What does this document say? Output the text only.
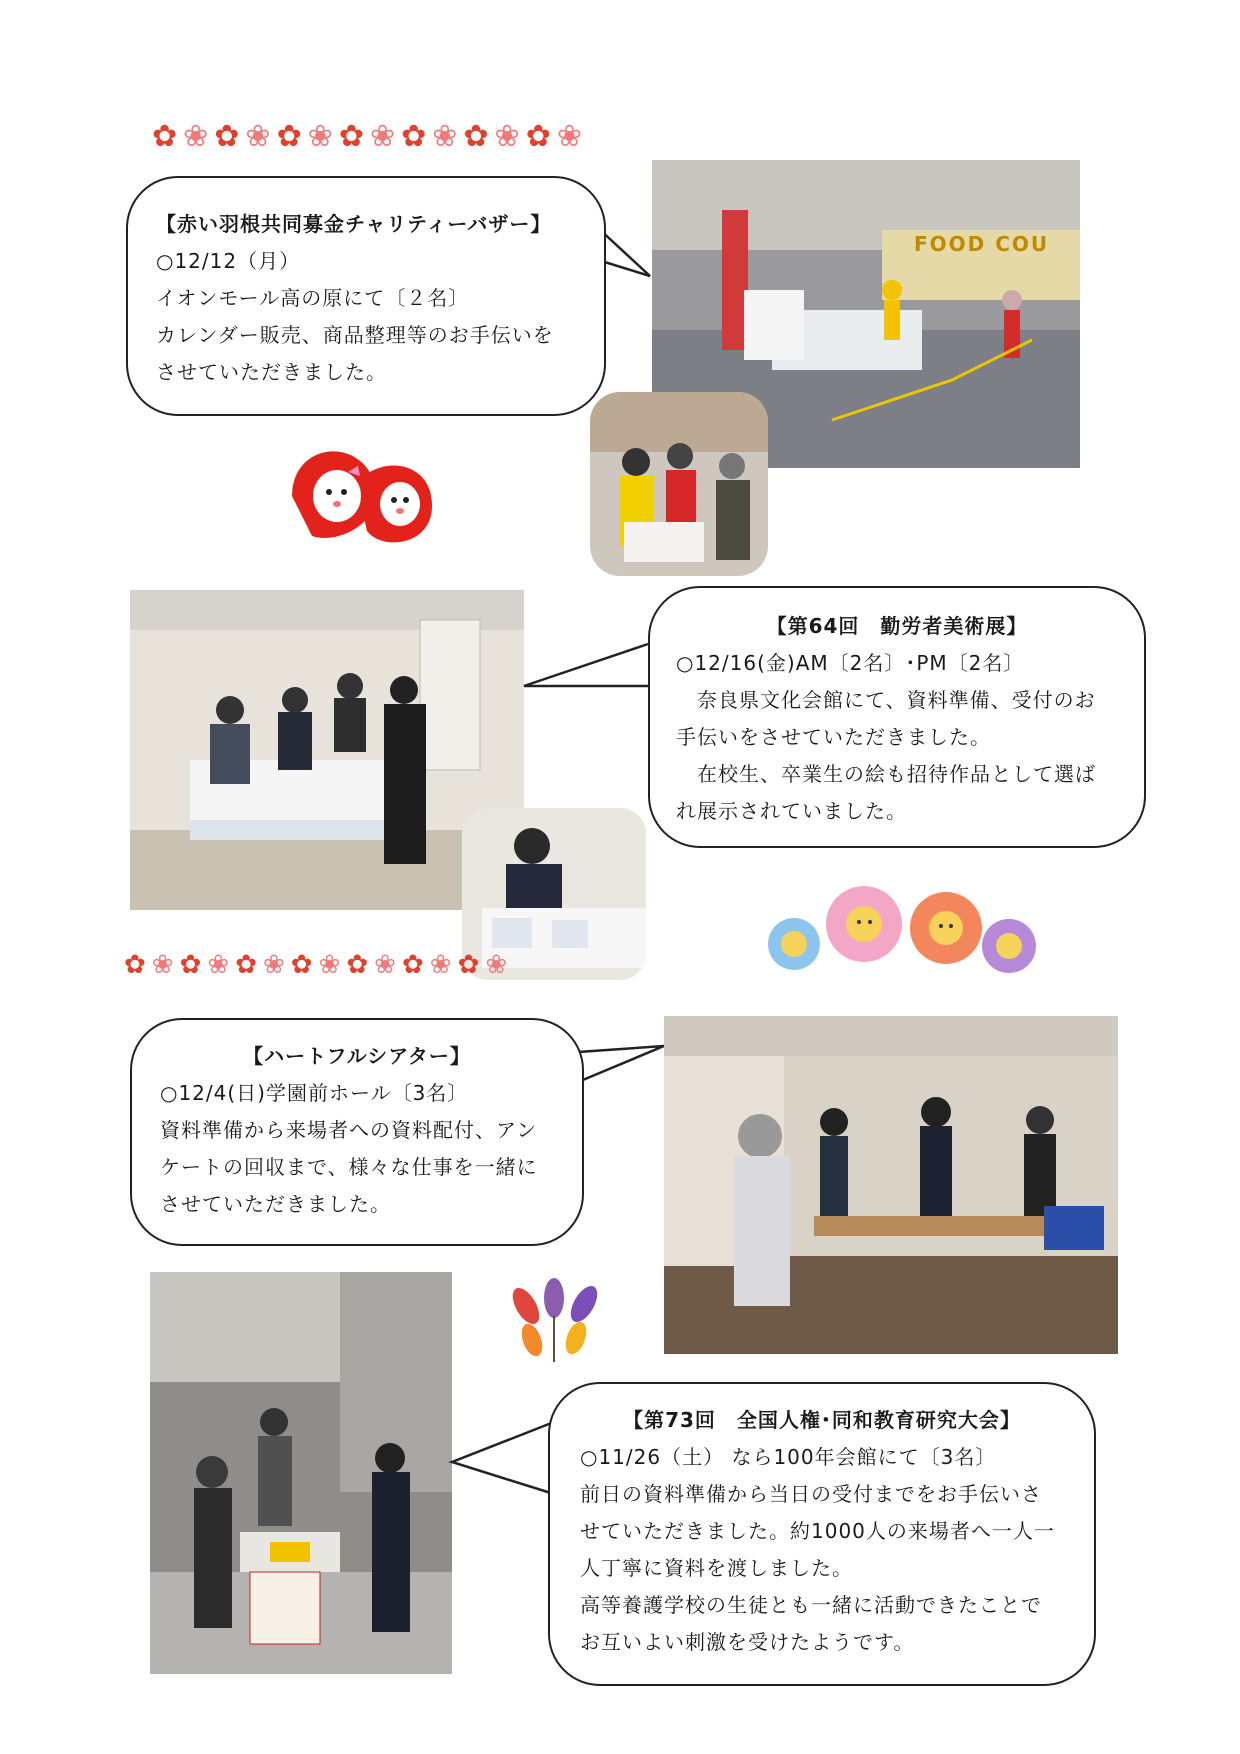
✿ ❀ ✿ ❀ ✿ ❀ ✿ ❀ ✿ ❀ ✿ ❀ ✿ ❀
【赤い羽根共同募金チャリティーバザー】
○12/12（月）
イオンモール高の原にて〔２名〕
カレンダー販売、商品整理等のお手伝いを
させていただきました。
FOOD COU
【第64回　勤労者美術展】
○12/16(金)AM〔2名〕･PM〔2名〕
　奈良県文化会館にて、資料準備、受付のお
手伝いをさせていただきました。
　在校生、卒業生の絵も招待作品として選ば
れ展示されていました。
✿ ❀ ✿ ❀ ✿ ❀ ✿ ❀ ✿ ❀ ✿ ❀ ✿ ❀
【ハートフルシアター】
○12/4(日)学園前ホール〔3名〕
資料準備から来場者への資料配付、アン
ケートの回収まで、様々な仕事を一緒に
させていただきました。
【第73回　全国人権･同和教育研究大会】
○11/26（土） なら100年会館にて〔3名〕
前日の資料準備から当日の受付までをお手伝いさ
せていただきました。約1000人の来場者へ一人一
人丁寧に資料を渡しました。
高等養護学校の生徒とも一緒に活動できたことで
お互いよい刺激を受けたようです。
